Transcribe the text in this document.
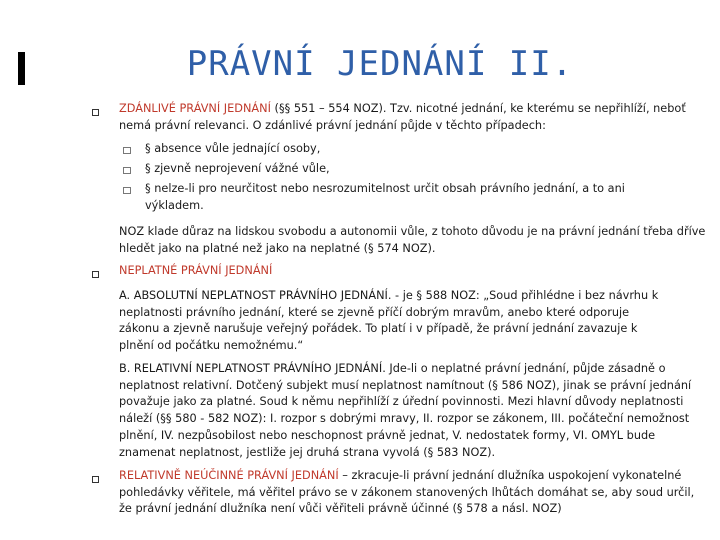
PRÁVNÍ JEDNÁNÍ II.

ZDÁNLIVÉ PRÁVNÍ JEDNÁNÍ (§§ 551 – 554 NOZ). Tzv. nicotné jednání, ke kterému se nepřihlíží, neboť nemá právní relevanci. O zdánlivé právní jednání půjde v těchto případech:

§ absence vůle jednající osoby,
§ zjevně neprojevení vážné vůle,
§ nelze-li pro neurčitost nebo nesrozumitelnost určit obsah právního jednání, a to ani výkladem.
NOZ klade důraz na lidskou svobodu a autonomii vůle, z tohoto důvodu je na právní jednání třeba dříve hledět jako na platné než jako na neplatné (§ 574 NOZ).
NEPLATNÉ PRÁVNÍ JEDNÁNÍ
A. ABSOLUTNÍ NEPLATNOST PRÁVNÍHO JEDNÁNÍ. - je § 588 NOZ: „Soud přihlédne i bez návrhu k neplatnosti právního jednání, které se zjevně příčí dobrým mravům, anebo které odporuje zákonu a zjevně narušuje veřejný pořádek. To platí i v případě, že právní jednání zavazuje k plnění od počátku nemožnému.“
B. RELATIVNÍ NEPLATNOST PRÁVNÍHO JEDNÁNÍ. Jde-li o neplatné právní jednání, půjde zásadně o neplatnost relativní. Dotčený subjekt musí neplatnost namítnout (§ 586 NOZ), jinak se právní jednání považuje jako za platné. Soud k němu nepřihlíží z úřední povinnosti. Mezi hlavní důvody neplatnosti náleží (§§ 580 - 582 NOZ): I. rozpor s dobrými mravy, II. rozpor se zákonem, III. počáteční nemožnost plnění, IV. nezpůsobilost nebo neschopnost právně jednat, V. nedostatek formy, VI. OMYL bude znamenat neplatnost, jestliže jej druhá strana vyvolá (§ 583 NOZ).

RELATIVNĚ NEÚČINNÉ PRÁVNÍ JEDNÁNÍ – zkracuje-li právní jednání dlužníka uspokojení vykonatelné pohledávky věřitele, má věřitel právo se v zákonem stanovených lhůtách domáhat se, aby soud určil, že právní jednání dlužníka není vůči věřiteli právně účinné (§ 578 a násl. NOZ)
